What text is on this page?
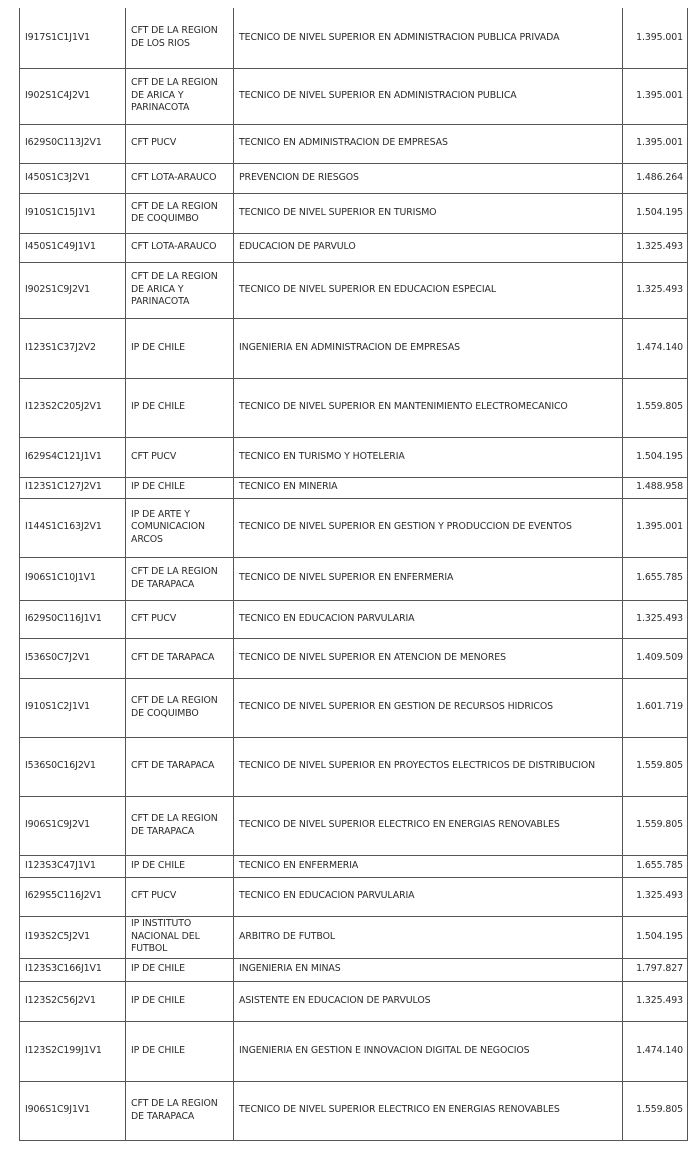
I917S1C1J1V1	CFT DE LA REGION DE LOS RIOS	TECNICO DE NIVEL SUPERIOR EN ADMINISTRACION PUBLICA PRIVADA	1.395.001
I902S1C4J2V1	CFT DE LA REGION DE ARICA Y PARINACOTA	TECNICO DE NIVEL SUPERIOR EN ADMINISTRACION PUBLICA	1.395.001
I629S0C113J2V1	CFT PUCV	TECNICO EN ADMINISTRACION DE EMPRESAS	1.395.001
I450S1C3J2V1	CFT LOTA-ARAUCO	PREVENCION DE RIESGOS	1.486.264
I910S1C15J1V1	CFT DE LA REGION DE COQUIMBO	TECNICO DE NIVEL SUPERIOR EN TURISMO	1.504.195
I450S1C49J1V1	CFT LOTA-ARAUCO	EDUCACION DE PARVULO	1.325.493
I902S1C9J2V1	CFT DE LA REGION DE ARICA Y PARINACOTA	TECNICO DE NIVEL SUPERIOR EN EDUCACION ESPECIAL	1.325.493
I123S1C37J2V2	IP DE CHILE	INGENIERIA EN ADMINISTRACION DE EMPRESAS	1.474.140
I123S2C205J2V1	IP DE CHILE	TECNICO DE NIVEL SUPERIOR EN MANTENIMIENTO ELECTROMECANICO	1.559.805
I629S4C121J1V1	CFT PUCV	TECNICO EN TURISMO Y HOTELERIA	1.504.195
I123S1C127J2V1	IP DE CHILE	TECNICO EN MINERIA	1.488.958
I144S1C163J2V1	IP DE ARTE Y COMUNICACION ARCOS	TECNICO DE NIVEL SUPERIOR EN GESTION Y PRODUCCION DE EVENTOS	1.395.001
I906S1C10J1V1	CFT DE LA REGION DE TARAPACA	TECNICO DE NIVEL SUPERIOR EN ENFERMERIA	1.655.785
I629S0C116J1V1	CFT PUCV	TECNICO EN EDUCACION PARVULARIA	1.325.493
I536S0C7J2V1	CFT DE TARAPACA	TECNICO DE NIVEL SUPERIOR EN ATENCION DE MENORES	1.409.509
I910S1C2J1V1	CFT DE LA REGION DE COQUIMBO	TECNICO DE NIVEL SUPERIOR EN GESTION DE RECURSOS HIDRICOS	1.601.719
I536S0C16J2V1	CFT DE TARAPACA	TECNICO DE NIVEL SUPERIOR EN PROYECTOS ELECTRICOS DE DISTRIBUCION	1.559.805
I906S1C9J2V1	CFT DE LA REGION DE TARAPACA	TECNICO DE NIVEL SUPERIOR ELECTRICO EN ENERGIAS RENOVABLES	1.559.805
I123S3C47J1V1	IP DE CHILE	TECNICO EN ENFERMERIA	1.655.785
I629S5C116J2V1	CFT PUCV	TECNICO EN EDUCACION PARVULARIA	1.325.493
I193S2C5J2V1	IP INSTITUTO NACIONAL DEL FUTBOL	ARBITRO DE FUTBOL	1.504.195
I123S3C166J1V1	IP DE CHILE	INGENIERIA EN MINAS	1.797.827
I123S2C56J2V1	IP DE CHILE	ASISTENTE EN EDUCACION DE PARVULOS	1.325.493
I123S2C199J1V1	IP DE CHILE	INGENIERIA EN GESTION E INNOVACION DIGITAL DE NEGOCIOS	1.474.140
I906S1C9J1V1	CFT DE LA REGION DE TARAPACA	TECNICO DE NIVEL SUPERIOR ELECTRICO EN ENERGIAS RENOVABLES	1.559.805
